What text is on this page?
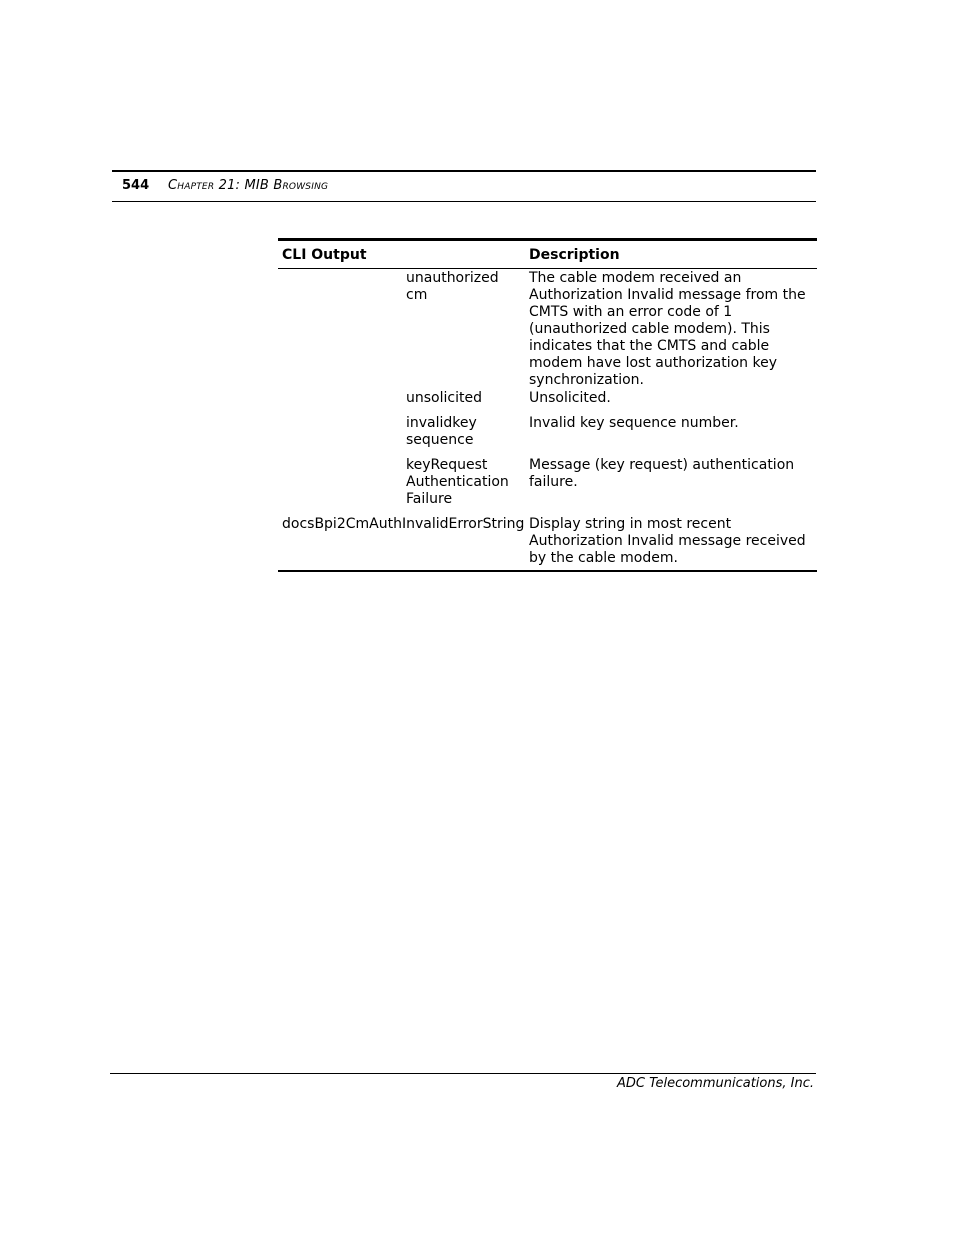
544 Chapter 21: MIB Browsing
CLI Output	Description
unauthorized cm
The cable modem received an Authorization Invalid message from the CMTS with an error code of 1 (unauthorized cable modem). This indicates that the CMTS and cable modem have lost authorization key synchronization.
unsolicited	Unsolicited.
invalidkey sequence
Invalid key sequence number.
keyRequest Authentication Failure
Message (key request) authentication failure.
docsBpi2CmAuthInvalidErrorString Display string in most recent Authorization Invalid message received by the cable modem.
ADC Telecommunications, Inc.
